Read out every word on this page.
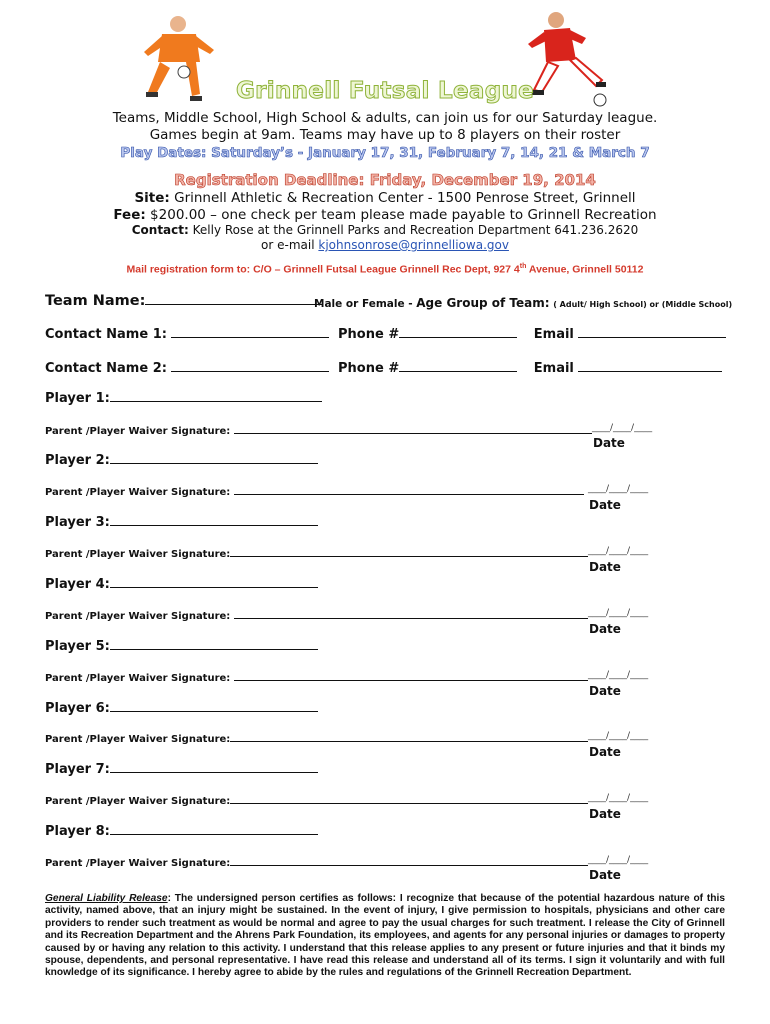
Grinnell Futsal League
Teams, Middle School, High School & adults, can join us for our Saturday league.
Games begin at 9am. Teams may have up to 8 players on their roster
Play Dates: Saturday’s - January 17, 31, February 7, 14, 21 & March 7
Registration Deadline: Friday, December 19, 2014
Site: Grinnell Athletic & Recreation Center - 1500 Penrose Street, Grinnell
Fee: $200.00 – one check per team please made payable to Grinnell Recreation
Contact: Kelly Rose at the Grinnell Parks and Recreation Department 641.236.2620
or e-mail kjohnsonrose@grinnelliowa.gov
Mail registration form to: C/O – Grinnell Futsal League Grinnell Rec Dept, 927 4th Avenue, Grinnell 50112
Team Name:	Male or Female - Age Group of Team: ( Adult/ High School) or (Middle School)
Contact Name 1:	Phone #	Email
Contact Name 2:	Phone #	Email
Player 1:
Parent /Player Waiver Signature:	____/____/____
Date
Player 2:
Parent /Player Waiver Signature:	____/____/____
Date
Player 3:
Parent /Player Waiver Signature:	____/____/____
Date
Player 4:
Parent /Player Waiver Signature:	____/____/____
Date
Player 5:
Parent /Player Waiver Signature:	____/____/____
Date
Player 6:
Parent /Player Waiver Signature:	____/____/____
Date
Player 7:
Parent /Player Waiver Signature:	____/____/____
Date
Player 8:
Parent /Player Waiver Signature:	____/____/____
Date
General Liability Release: The undersigned person certifies as follows: I recognize that because of the potential hazardous nature of this activity, named above, that an injury might be sustained. In the event of injury, I give permission to hospitals, physicians and other care providers to render such treatment as would be normal and agree to pay the usual charges for such treatment. I release the City of Grinnell and its Recreation Department and the Ahrens Park Foundation, its employees, and agents for any personal injuries or damages to property caused by or having any relation to this activity. I understand that this release applies to any present or future injuries and that it binds my spouse, dependents, and personal representative. I have read this release and understand all of its terms. I sign it voluntarily and with full knowledge of its significance. I hereby agree to abide by the rules and regulations of the Grinnell Recreation Department.
